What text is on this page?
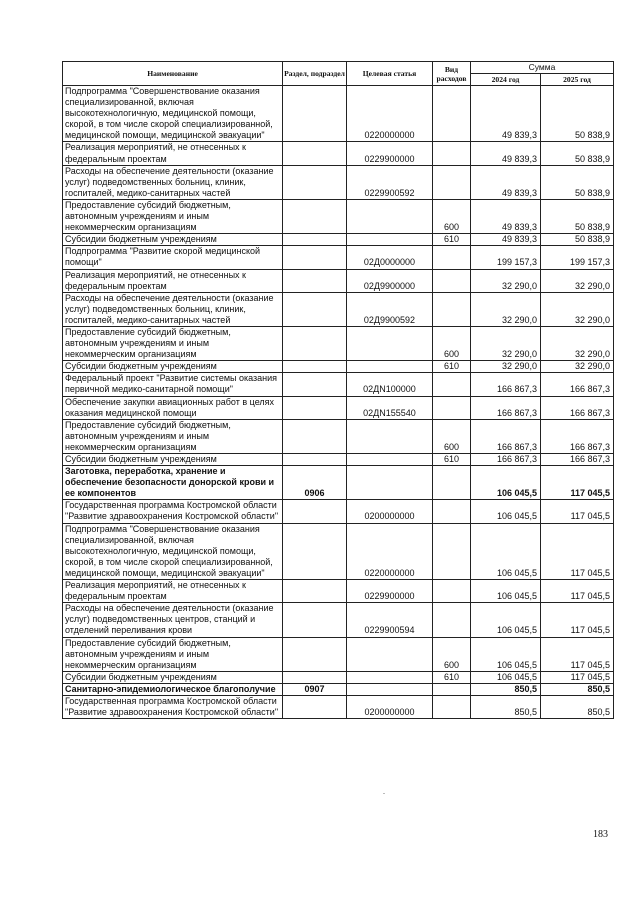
Наименование	Раздел, подраздел	Целевая статья	Вид расходов	Сумма	
				2024 год	2025 год
Подпрограмма "Совершенствование оказания специализированной, включая высокотехнологичную, медицинской помощи, скорой, в том числе скорой специализированной, медицинской помощи, медицинской эвакуации"		0220000000		49 839,3	50 838,9
Реализация мероприятий, не отнесенных к федеральным проектам		0229900000		49 839,3	50 838,9
Расходы на обеспечение деятельности (оказание услуг) подведомственных больниц, клиник, госпиталей, медико-санитарных частей		0229900592		49 839,3	50 838,9
Предоставление субсидий бюджетным, автономным учреждениям и иным некоммерческим организациям			600	49 839,3	50 838,9
Субсидии бюджетным учреждениям			610	49 839,3	50 838,9
Подпрограмма "Развитие скорой медицинской помощи"		02Д0000000		199 157,3	199 157,3
Реализация мероприятий, не отнесенных к федеральным проектам		02Д9900000		32 290,0	32 290,0
Расходы на обеспечение деятельности (оказание услуг) подведомственных больниц, клиник, госпиталей, медико-санитарных частей		02Д9900592		32 290,0	32 290,0
Предоставление субсидий бюджетным, автономным учреждениям и иным некоммерческим организациям			600	32 290,0	32 290,0
Субсидии бюджетным учреждениям			610	32 290,0	32 290,0
Федеральный проект "Развитие системы оказания первичной медико-санитарной помощи"		02ДN100000		166 867,3	166 867,3
Обеспечение закупки авиационных работ в целях оказания медицинской помощи		02ДN155540		166 867,3	166 867,3
Предоставление субсидий бюджетным, автономным учреждениям и иным некоммерческим организациям			600	166 867,3	166 867,3
Субсидии бюджетным учреждениям			610	166 867,3	166 867,3
Заготовка, переработка, хранение и обеспечение безопасности донорской крови и ее компонентов	0906			106 045,5	117 045,5
Государственная программа Костромской области "Развитие здравоохранения Костромской области"		0200000000		106 045,5	117 045,5
Подпрограмма "Совершенствование оказания специализированной, включая высокотехнологичную, медицинской помощи, скорой, в том числе скорой специализированной, медицинской помощи, медицинской эвакуации"		0220000000		106 045,5	117 045,5
Реализация мероприятий, не отнесенных к федеральным проектам		0229900000		106 045,5	117 045,5
Расходы на обеспечение деятельности (оказание услуг) подведомственных центров, станций и отделений переливания крови		0229900594		106 045,5	117 045,5
Предоставление субсидий бюджетным, автономным учреждениям и иным некоммерческим организациям			600	106 045,5	117 045,5
Субсидии бюджетным учреждениям			610	106 045,5	117 045,5
Санитарно-эпидемиологическое благополучие	0907			850,5	850,5
Государственная программа Костромской области "Развитие здравоохранения Костромской области"		0200000000		850,5	850,5
183
